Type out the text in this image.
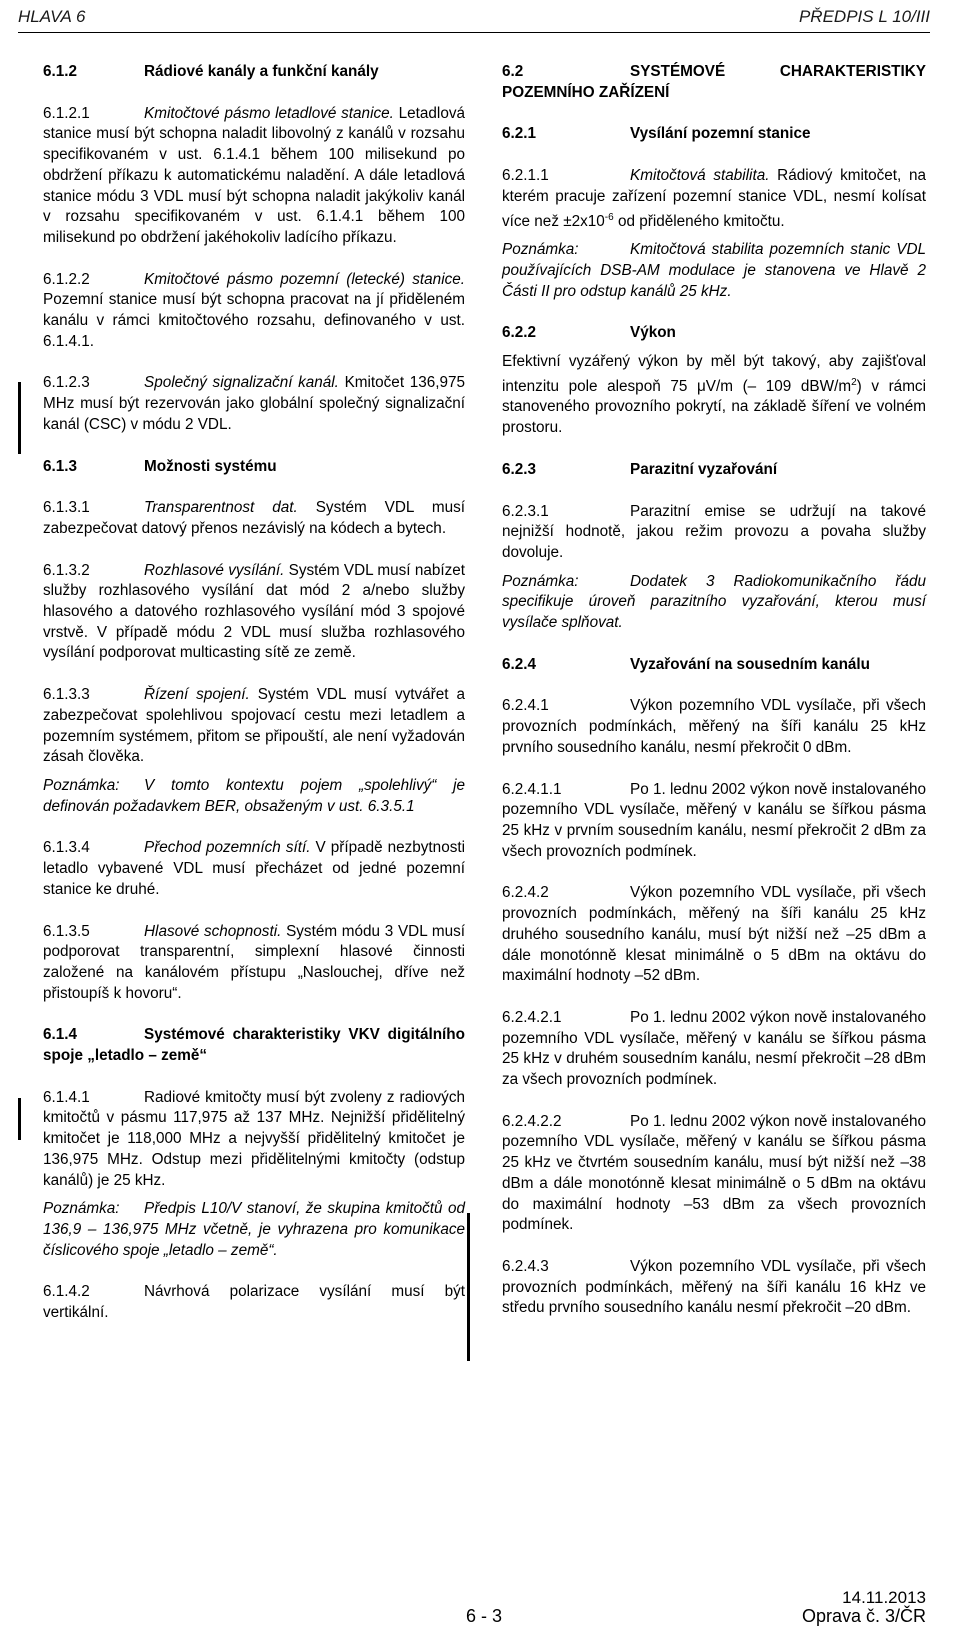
HLAVA 6	PŘEDPIS L 10/III

6.1.2	Rádiové kanály a funkční kanály

6.1.2.1	Kmitočtové pásmo letadlové stanice. Letadlová stanice musí být schopna naladit libovolný z kanálů v rozsahu specifikovaném v ust. 6.1.4.1 během 100 milisekund po obdržení příkazu k automatickému naladění. A dále letadlová stanice módu 3 VDL musí být schopna naladit jakýkoliv kanál v rozsahu specifikovaném v ust. 6.1.4.1 během 100 milisekund po obdržení jakéhokoliv ladícího příkazu.

6.1.2.2	Kmitočtové pásmo pozemní (letecké) stanice. Pozemní stanice musí být schopna pracovat na jí přiděleném kanálu v rámci kmitočtového rozsahu, definovaného v ust. 6.1.4.1.

6.1.2.3	Společný signalizační kanál. Kmitočet 136,975 MHz musí být rezervován jako globální společný signalizační kanál (CSC) v módu 2 VDL.

6.1.3	Možnosti systému

6.1.3.1	Transparentnost dat. Systém VDL musí zabezpečovat datový přenos nezávislý na kódech a bytech.

6.1.3.2	Rozhlasové vysílání. Systém VDL musí nabízet služby rozhlasového vysílání dat mód 2 a/nebo služby hlasového a datového rozhlasového vysílání mód 3 spojové vrstvě. V případě módu 2 VDL musí služba rozhlasového vysílání podporovat multicasting sítě ze země.

6.1.3.3	Řízení spojení. Systém VDL musí vytvářet a zabezpečovat spolehlivou spojovací cestu mezi letadlem a pozemním systémem, přitom se připouští, ale není vyžadován zásah člověka.

Poznámka: V tomto kontextu pojem „spolehlivý“ je definován požadavkem BER, obsaženým v ust. 6.3.5.1

6.1.3.4	Přechod pozemních sítí. V případě nezbytnosti letadlo vybavené VDL musí přecházet od jedné pozemní stanice ke druhé.

6.1.3.5	Hlasové schopnosti. Systém módu 3 VDL musí podporovat transparentní, simplexní hlasové činnosti založené na kanálovém přístupu „Naslouchej, dříve než přistoupíš k hovoru“.

6.1.4	Systémové charakteristiky VKV digitálního spoje „letadlo – země“

6.1.4.1	Radiové kmitočty musí být zvoleny z radiových kmitočtů v pásmu 117,975 až 137 MHz. Nejnižší přidělitelný kmitočet je 118,000 MHz a nejvyšší přidělitelný kmitočet je 136,975 MHz. Odstup mezi přidělitelnými kmitočty (odstup kanálů) je 25 kHz.

Poznámka: Předpis L10/V stanoví, že skupina kmitočtů od 136,9 – 136,975 MHz včetně, je vyhrazena pro komunikace číslicového spoje „letadlo – země“.

6.1.4.2	Návrhová polarizace vysílání musí být vertikální.

6.2	SYSTÉMOVÉ CHARAKTERISTIKY POZEMNÍHO ZAŘÍZENÍ

6.2.1	Vysílání pozemní stanice

6.2.1.1	Kmitočtová stabilita. Rádiový kmitočet, na kterém pracuje zařízení pozemní stanice VDL, nesmí kolísat více než $\pm 2x10^{-6}$ od přiděleného kmitočtu.

Poznámka:	Kmitočtová stabilita pozemních stanic VDL používajících DSB-AM modulace je stanovena ve Hlavě 2 Části II pro odstup kanálů 25 kHz.

6.2.2	Výkon

Efektivní vyzářený výkon by měl být takový, aby zajišťoval intenzitu pole alespoň 75 μV/m (– 109 dBW/$m^2$) v rámci stanoveného provozního pokrytí, na základě šíření ve volném prostoru.

6.2.3	Parazitní vyzařování

6.2.3.1	Parazitní emise se udržují na takové nejnižší hodnotě, jakou režim provozu a povaha služby dovoluje.

Poznámka:	Dodatek 3 Radiokomunikačního řádu specifikuje úroveň parazitního vyzařování, kterou musí vysílače splňovat.

6.2.4	Vyzařování na sousedním kanálu

6.2.4.1	Výkon pozemního VDL vysílače, při všech provozních podmínkách, měřený na šíři kanálu 25 kHz prvního sousedního kanálu, nesmí překročit 0 dBm.

6.2.4.1.1	Po 1. lednu 2002 výkon nově instalovaného pozemního VDL vysílače, měřený v kanálu se šířkou pásma 25 kHz v prvním sousedním kanálu, nesmí překročit 2 dBm za všech provozních podmínek.

6.2.4.2	Výkon pozemního VDL vysílače, při všech provozních podmínkách, měřený na šíři kanálu 25 kHz druhého sousedního kanálu, musí být nižší než –25 dBm a dále monotónně klesat minimálně o 5 dBm na oktávu do maximální hodnoty –52 dBm.

6.2.4.2.1	Po 1. lednu 2002 výkon nově instalovaného pozemního VDL vysílače, měřený v kanálu se šířkou pásma 25 kHz v druhém sousedním kanálu, nesmí překročit –28 dBm za všech provozních podmínek.

6.2.4.2.2	Po 1. lednu 2002 výkon nově instalovaného pozemního VDL vysílače, měřený v kanálu se šířkou pásma 25 kHz ve čtvrtém sousedním kanálu, musí být nižší než –38 dBm a dále monotónně klesat minimálně o 5 dBm na oktávu do maximální hodnoty –53 dBm za všech provozních podmínek.

6.2.4.3	Výkon pozemního VDL vysílače, při všech provozních podmínkách, měřený na šíři kanálu 16 kHz ve středu prvního sousedního kanálu nesmí překročit –20 dBm.

6 - 3
14.11.2013
Oprava č. 3/ČR
